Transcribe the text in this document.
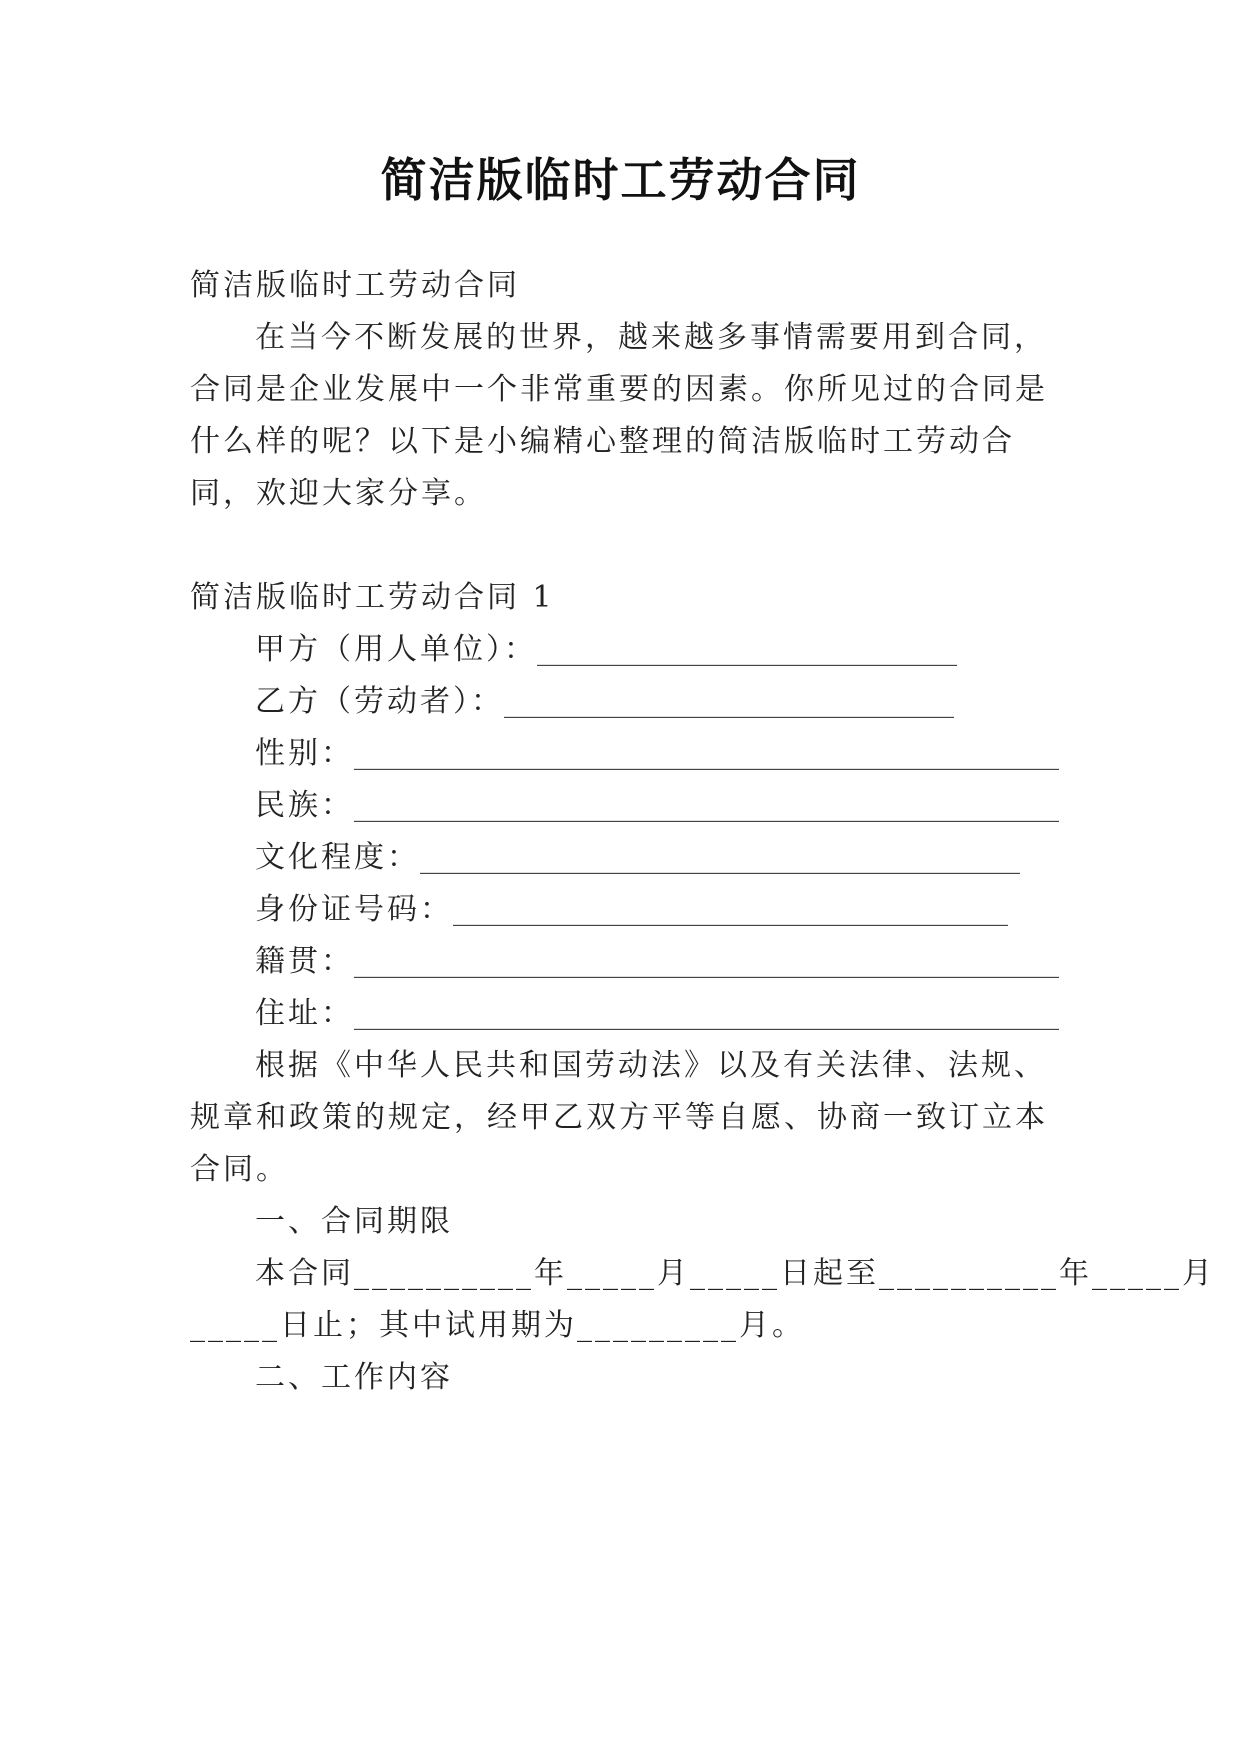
简洁版临时工劳动合同

简洁版临时工劳动合同

在当今不断发展的世界，越来越多事情需要用到合同，

合同是企业发展中一个非常重要的因素。你所见过的合同是

什么样的呢？以下是小编精心整理的简洁版临时工劳动合

同，欢迎大家分享。

简洁版临时工劳动合同 1

甲方（用人单位）：____________________________

乙方（劳动者）：______________________________

性别：_______________________________________________

民族：_______________________________________________

文化程度：________________________________________

身份证号码：_____________________________________

籍贯：_______________________________________________

住址：_______________________________________________

根据《中华人民共和国劳动法》以及有关法律、法规、

规章和政策的规定，经甲乙双方平等自愿、协商一致订立本

合同。

一、合同期限

本合同__________年_____月_____日起至__________年_____月

_____日止；其中试用期为_________月。

二、工作内容
